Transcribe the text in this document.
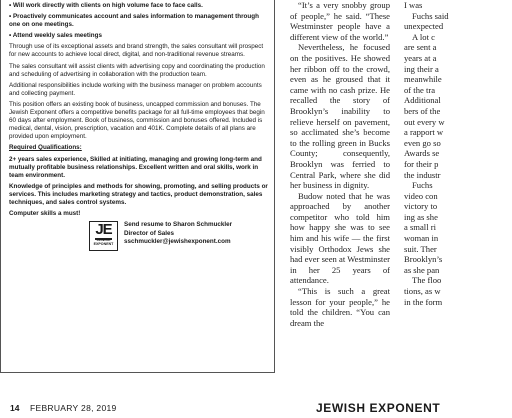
• Will work directly with clients on high volume face to face calls.

• Proactively communicates account and sales information to management through one on one meetings.

• Attend weekly sales meetings

Through use of its exceptional assets and brand strength, the sales consultant will prospect for new accounts to achieve local direct, digital, and non-traditional revenue streams.

The sales consultant will assist clients with advertising copy and coordinating the production and scheduling of advertising in collaboration with the production team.

Additional responsibilities include working with the business manager on problem accounts and collecting payment.

This position offers an existing book of business, uncapped commission and bonuses. The Jewish Exponent offers a competitive benefits package for all full-time employees that begin 60 days after employment. Book of business, commission and bonuses offered. Included is medical, dental, vision, prescription, vacation and 401K. Complete details of all plans are provided upon employment.

Required Qualifications:

2+ years sales experience, Skilled at initiating, managing and growing long-term and mutually profitable business relationships. Excellent written and oral skills, work in team environment.

Knowledge of principles and methods for showing, promoting, and selling products or services. This includes marketing strategy and tactics, product demonstration, sales techniques, and sales control systems.

Computer skills a must!

JE
JEWISH
EXPONENT
Send resume to Sharon Schmuckler
Director of Sales
sschmuckler@jewishexponent.com

“It’s a very snobby group of people,” he said. “These Westminster people have a different view of the world.”

Nevertheless, he focused on the positives. He showed her ribbon off to the crowd, even as he groused that it came with no cash prize. He recalled the story of Brooklyn’s inability to relieve herself on pavement, so acclimated she’s become to the rolling green in Bucks County; consequently, Brooklyn was ferried to Central Park, where she did her business in dignity.

Budow noted that he was approached by another competitor who told him how happy she was to see him and his wife — the first visibly Orthodox Jews she had ever seen at Westminster in her 25 years of attendance.

“This is such a great lesson for your people,” he told the children. “You can dream the

I was

Fuchs said

unexpected

A lot c

are sent a

years at a

ing their a

meanwhile

of the tra

Additional

bers of the

out every w

a rapport w

even go so

Awards se

for their p

the industr

Fuchs

video con

victory to

ing as she

a small ri

woman in

suit. Ther

Brooklyn’s

as she pan

The floo

tions, as w

in the form

14 FEBRUARY 28, 2019	JEWISH EXPONENT
